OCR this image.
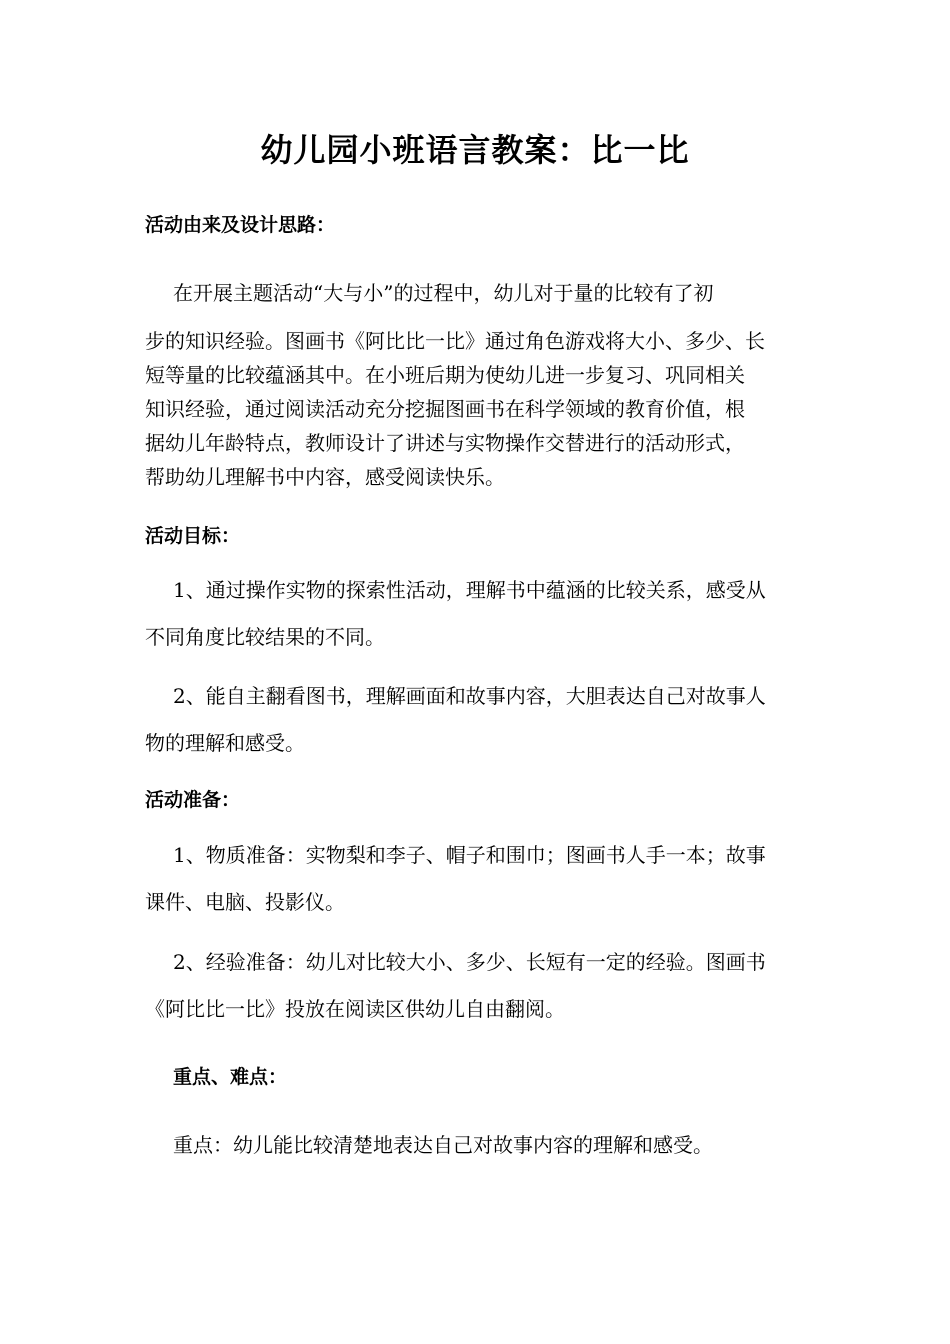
幼儿园小班语言教案：比一比
活动由来及设计思路：
在开展主题活动“大与小”的过程中，幼儿对于量的比较有了初
步的知识经验。图画书《阿比比一比》通过角色游戏将大小、多少、长
短等量的比较蕴涵其中。在小班后期为使幼儿进一步复习、巩同相关
知识经验，通过阅读活动充分挖掘图画书在科学领域的教育价值，根
据幼儿年龄特点，教师设计了讲述与实物操作交替进行的活动形式，
帮助幼儿理解书中内容，感受阅读快乐。
活动目标：
1、通过操作实物的探索性活动，理解书中蕴涵的比较关系，感受从
不同角度比较结果的不同。
2、能自主翻看图书，理解画面和故事内容，大胆表达自己对故事人
物的理解和感受。
活动准备：
1、物质准备：实物梨和李子、帽子和围巾；图画书人手一本；故事
课件、电脑、投影仪。
2、经验准备：幼儿对比较大小、多少、长短有一定的经验。图画书
《阿比比一比》投放在阅读区供幼儿自由翻阅。
重点、难点：
重点：幼儿能比较清楚地表达自己对故事内容的理解和感受。
